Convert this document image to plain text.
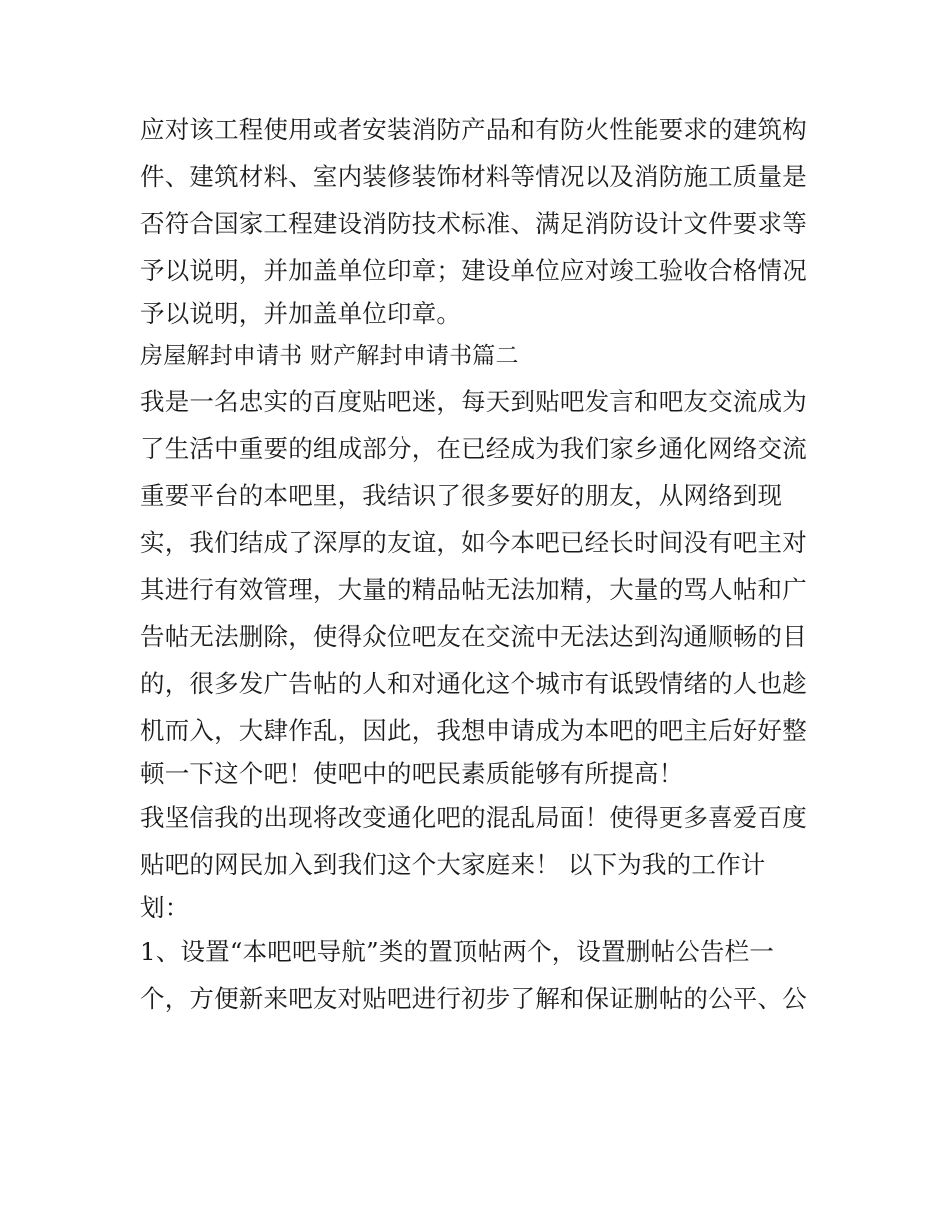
应对该工程使用或者安装消防产品和有防火性能要求的建筑构
件、建筑材料、室内装修装饰材料等情况以及消防施工质量是
否符合国家工程建设消防技术标准、满足消防设计文件要求等
予以说明，并加盖单位印章；建设单位应对竣工验收合格情况
予以说明，并加盖单位印章。
房屋解封申请书 财产解封申请书篇二
我是一名忠实的百度贴吧迷，每天到贴吧发言和吧友交流成为
了生活中重要的组成部分，在已经成为我们家乡通化网络交流
重要平台的本吧里，我结识了很多要好的朋友，从网络到现
实，我们结成了深厚的友谊，如今本吧已经长时间没有吧主对
其进行有效管理，大量的精品帖无法加精，大量的骂人帖和广
告帖无法删除，使得众位吧友在交流中无法达到沟通顺畅的目
的，很多发广告帖的人和对通化这个城市有诋毁情绪的人也趁
机而入，大肆作乱，因此，我想申请成为本吧的吧主后好好整
顿一下这个吧！使吧中的吧民素质能够有所提高！
我坚信我的出现将改变通化吧的混乱局面！使得更多喜爱百度
贴吧的网民加入到我们这个大家庭来！ 以下为我的工作计
划：
1、设置“本吧吧导航”类的置顶帖两个，设置删帖公告栏一
个，方便新来吧友对贴吧进行初步了解和保证删帖的公平、公
